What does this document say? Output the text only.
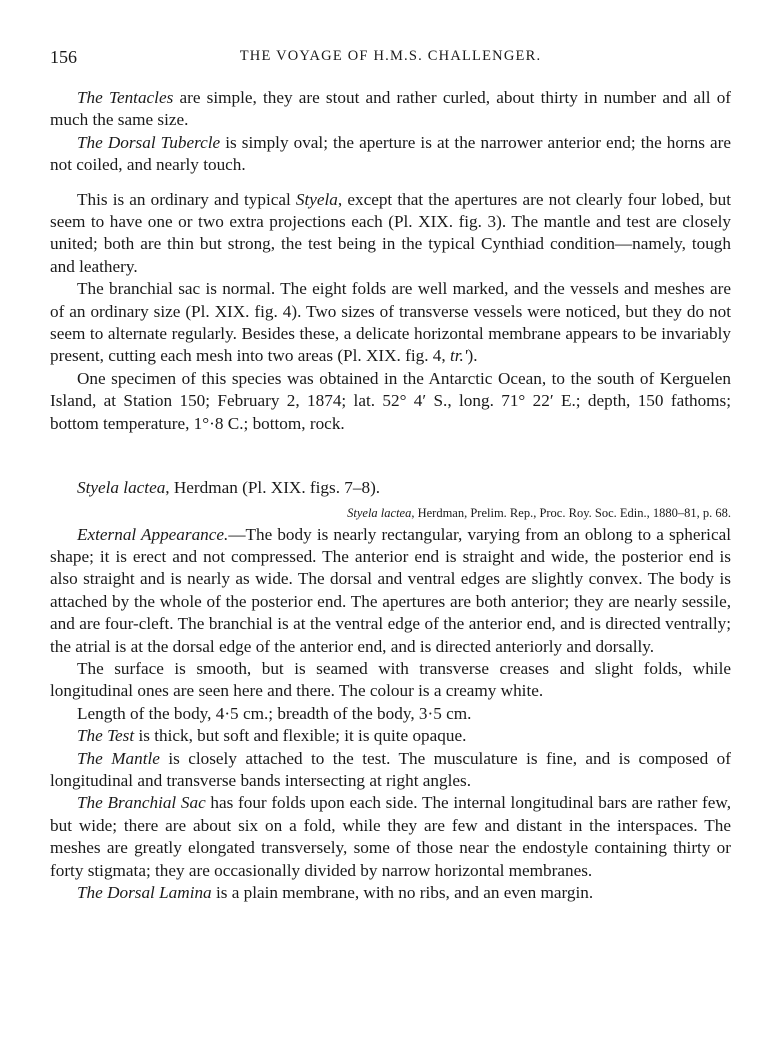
156	THE VOYAGE OF H.M.S. CHALLENGER.

The Tentacles are simple, they are stout and rather curled, about thirty in number and all of much the same size.

The Dorsal Tubercle is simply oval; the aperture is at the narrower anterior end; the horns are not coiled, and nearly touch.

This is an ordinary and typical Styela, except that the apertures are not clearly four lobed, but seem to have one or two extra projections each (Pl. XIX. fig. 3). The mantle and test are closely united; both are thin but strong, the test being in the typical Cynthiad condition—namely, tough and leathery.

The branchial sac is normal. The eight folds are well marked, and the vessels and meshes are of an ordinary size (Pl. XIX. fig. 4). Two sizes of transverse vessels were noticed, but they do not seem to alternate regularly. Besides these, a delicate horizontal membrane appears to be invariably present, cutting each mesh into two areas (Pl. XIX. fig. 4, tr.').

One specimen of this species was obtained in the Antarctic Ocean, to the south of Kerguelen Island, at Station 150; February 2, 1874; lat. 52° 4′ S., long. 71° 22′ E.; depth, 150 fathoms; bottom temperature, 1°·8 C.; bottom, rock.

Styela lactea, Herdman (Pl. XIX. figs. 7–8).
Styela lactea, Herdman, Prelim. Rep., Proc. Roy. Soc. Edin., 1880–81, p. 68.

External Appearance.—The body is nearly rectangular, varying from an oblong to a spherical shape; it is erect and not compressed. The anterior end is straight and wide, the posterior end is also straight and is nearly as wide. The dorsal and ventral edges are slightly convex. The body is attached by the whole of the posterior end. The apertures are both anterior; they are nearly sessile, and are four-cleft. The branchial is at the ventral edge of the anterior end, and is directed ventrally; the atrial is at the dorsal edge of the anterior end, and is directed anteriorly and dorsally.

The surface is smooth, but is seamed with transverse creases and slight folds, while longitudinal ones are seen here and there. The colour is a creamy white.

Length of the body, 4·5 cm.; breadth of the body, 3·5 cm.

The Test is thick, but soft and flexible; it is quite opaque.

The Mantle is closely attached to the test. The musculature is fine, and is composed of longitudinal and transverse bands intersecting at right angles.

The Branchial Sac has four folds upon each side. The internal longitudinal bars are rather few, but wide; there are about six on a fold, while they are few and distant in the interspaces. The meshes are greatly elongated transversely, some of those near the endostyle containing thirty or forty stigmata; they are occasionally divided by narrow horizontal membranes.

The Dorsal Lamina is a plain membrane, with no ribs, and an even margin.
